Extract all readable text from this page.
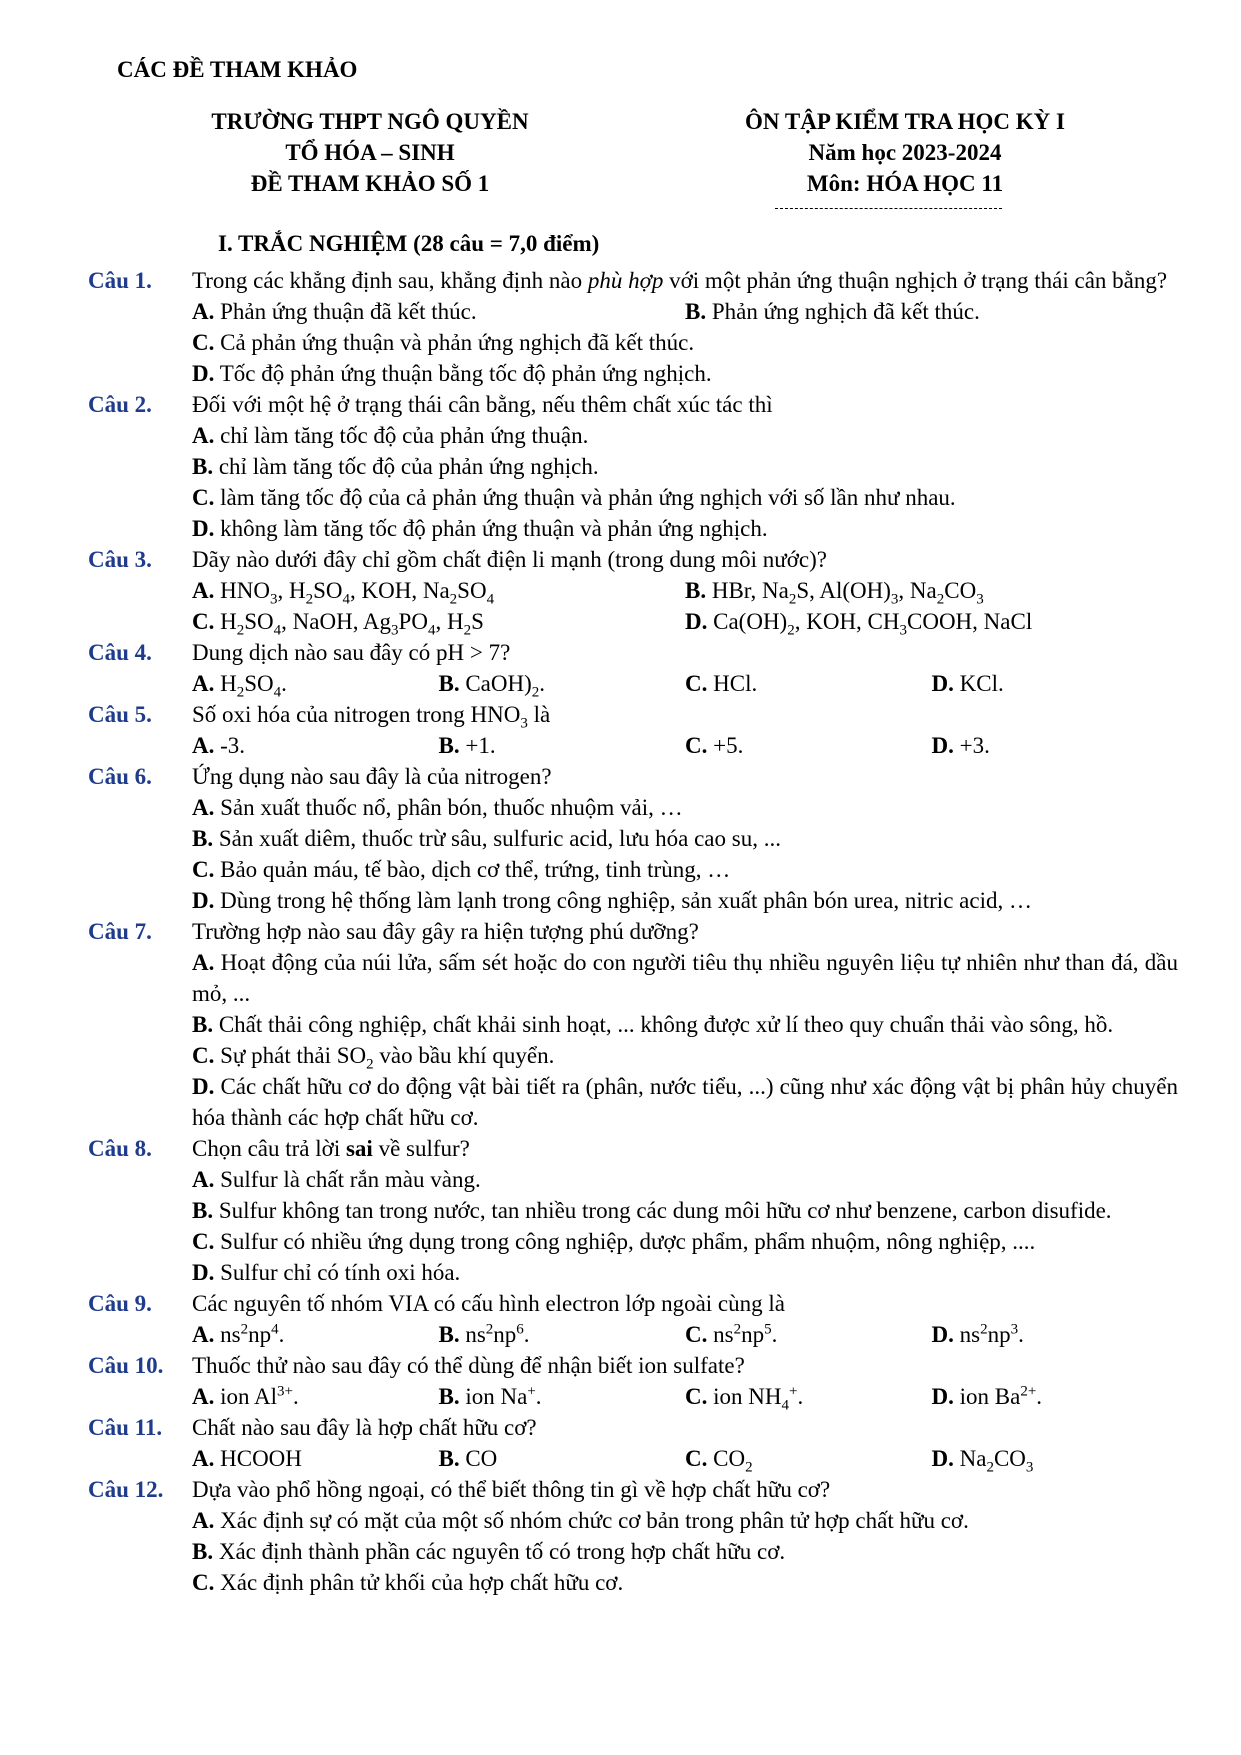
CÁC ĐỀ THAM KHẢO
TRƯỜNG THPT NGÔ QUYỀN
TỔ HÓA – SINH
ĐỀ THAM KHẢO SỐ 1
ÔN TẬP KIỂM TRA HỌC KỲ I
Năm học 2023-2024
Môn: HÓA HỌC 11
I. TRẮC NGHIỆM (28 câu = 7,0 điểm)
Câu 1.	Trong các khẳng định sau, khẳng định nào phù hợp với một phản ứng thuận nghịch ở trạng thái cân bằng?
A. Phản ứng thuận đã kết thúc.	B. Phản ứng nghịch đã kết thúc.
C. Cả phản ứng thuận và phản ứng nghịch đã kết thúc.
D. Tốc độ phản ứng thuận bằng tốc độ phản ứng nghịch.
Câu 2.	Đối với một hệ ở trạng thái cân bằng, nếu thêm chất xúc tác thì
A. chỉ làm tăng tốc độ của phản ứng thuận.
B. chỉ làm tăng tốc độ của phản ứng nghịch.
C. làm tăng tốc độ của cả phản ứng thuận và phản ứng nghịch với số lần như nhau.
D. không làm tăng tốc độ phản ứng thuận và phản ứng nghịch.
Câu 3.	Dãy nào dưới đây chỉ gồm chất điện li mạnh (trong dung môi nước)?
A. $HNO_3$, $H_2SO_4$, KOH, $Na_2SO_4$	B. HBr, $Na_2S$, $Al(OH)_3$, $Na_2CO_3$
C. $H_2SO_4$, NaOH, $Ag_3PO_4$, $H_2S$	D. $Ca(OH)_2$, KOH, $CH_3COOH$, NaCl
Câu 4.	Dung dịch nào sau đây có pH > 7?
A. $H_2SO_4$.	B. $CaOH)_2$.	C. HCl.	D. KCl.
Câu 5.	Số oxi hóa của nitrogen trong $HNO_3$ là
A. -3.	B. +1.	C. +5.	D. +3.
Câu 6.	Ứng dụng nào sau đây là của nitrogen?
A. Sản xuất thuốc nổ, phân bón, thuốc nhuộm vải, …
B. Sản xuất diêm, thuốc trừ sâu, sulfuric acid, lưu hóa cao su, ...
C. Bảo quản máu, tế bào, dịch cơ thể, trứng, tinh trùng, …
D. Dùng trong hệ thống làm lạnh trong công nghiệp, sản xuất phân bón urea, nitric acid, …
Câu 7.	Trường hợp nào sau đây gây ra hiện tượng phú dưỡng?
A. Hoạt động của núi lửa, sấm sét hoặc do con người tiêu thụ nhiều nguyên liệu tự nhiên như than đá, dầu mỏ, ...
B. Chất thải công nghiệp, chất khải sinh hoạt, ... không được xử lí theo quy chuẩn thải vào sông, hồ.
C. Sự phát thải $SO_2$ vào bầu khí quyển.
D. Các chất hữu cơ do động vật bài tiết ra (phân, nước tiểu, ...) cũng như xác động vật bị phân hủy chuyển hóa thành các hợp chất hữu cơ.
Câu 8.	Chọn câu trả lời sai về sulfur?
A. Sulfur là chất rắn màu vàng.
B. Sulfur không tan trong nước, tan nhiều trong các dung môi hữu cơ như benzene, carbon disufide.
C. Sulfur có nhiều ứng dụng trong công nghiệp, dược phẩm, phẩm nhuộm, nông nghiệp, ....
D. Sulfur chỉ có tính oxi hóa.
Câu 9.	Các nguyên tố nhóm VIA có cấu hình electron lớp ngoài cùng là
A. $ns^2np^4$.	B. $ns^2np^6$.	C. $ns^2np^5$.	D. $ns^2np^3$.
Câu 10.	Thuốc thử nào sau đây có thể dùng để nhận biết ion sulfate?
A. ion $Al^{3+}$.	B. ion Na+.	C. ion $NH_4^+$.	D. ion $Ba^{2+}$.
Câu 11.	Chất nào sau đây là hợp chất hữu cơ?
A. HCOOH	B. CO	C. $CO_2$	D. $Na_2CO_3$
Câu 12.	Dựa vào phổ hồng ngoại, có thể biết thông tin gì về hợp chất hữu cơ?
A. Xác định sự có mặt của một số nhóm chức cơ bản trong phân tử hợp chất hữu cơ.
B. Xác định thành phần các nguyên tố có trong hợp chất hữu cơ.
C. Xác định phân tử khối của hợp chất hữu cơ.
